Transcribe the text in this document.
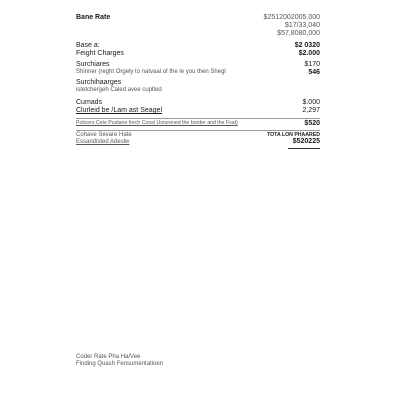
Bane Rate	$2512002005.000
$17/33,040
$57,8080,000
Base a:
Feight Charges
$2 0320
$2.000
Surchiares
Shinner (reght Orgely to natvaal of the le you then Shegl
$170
546
Surchihaarges
istetchergeh Caled avee cuplted
Cumads
Clurleid be /Lam ast Seagel
$.000
2,297
Policers Cete Pustane frech Cosst Usrurened the border and the Fsat)	$520
Cohave Sevare Hate
Essandisted Adeslw
TOTA LON PHAARED
$520225
Coder Rate Pha Ha/Vee
Finding Quash Fensumentatioen
